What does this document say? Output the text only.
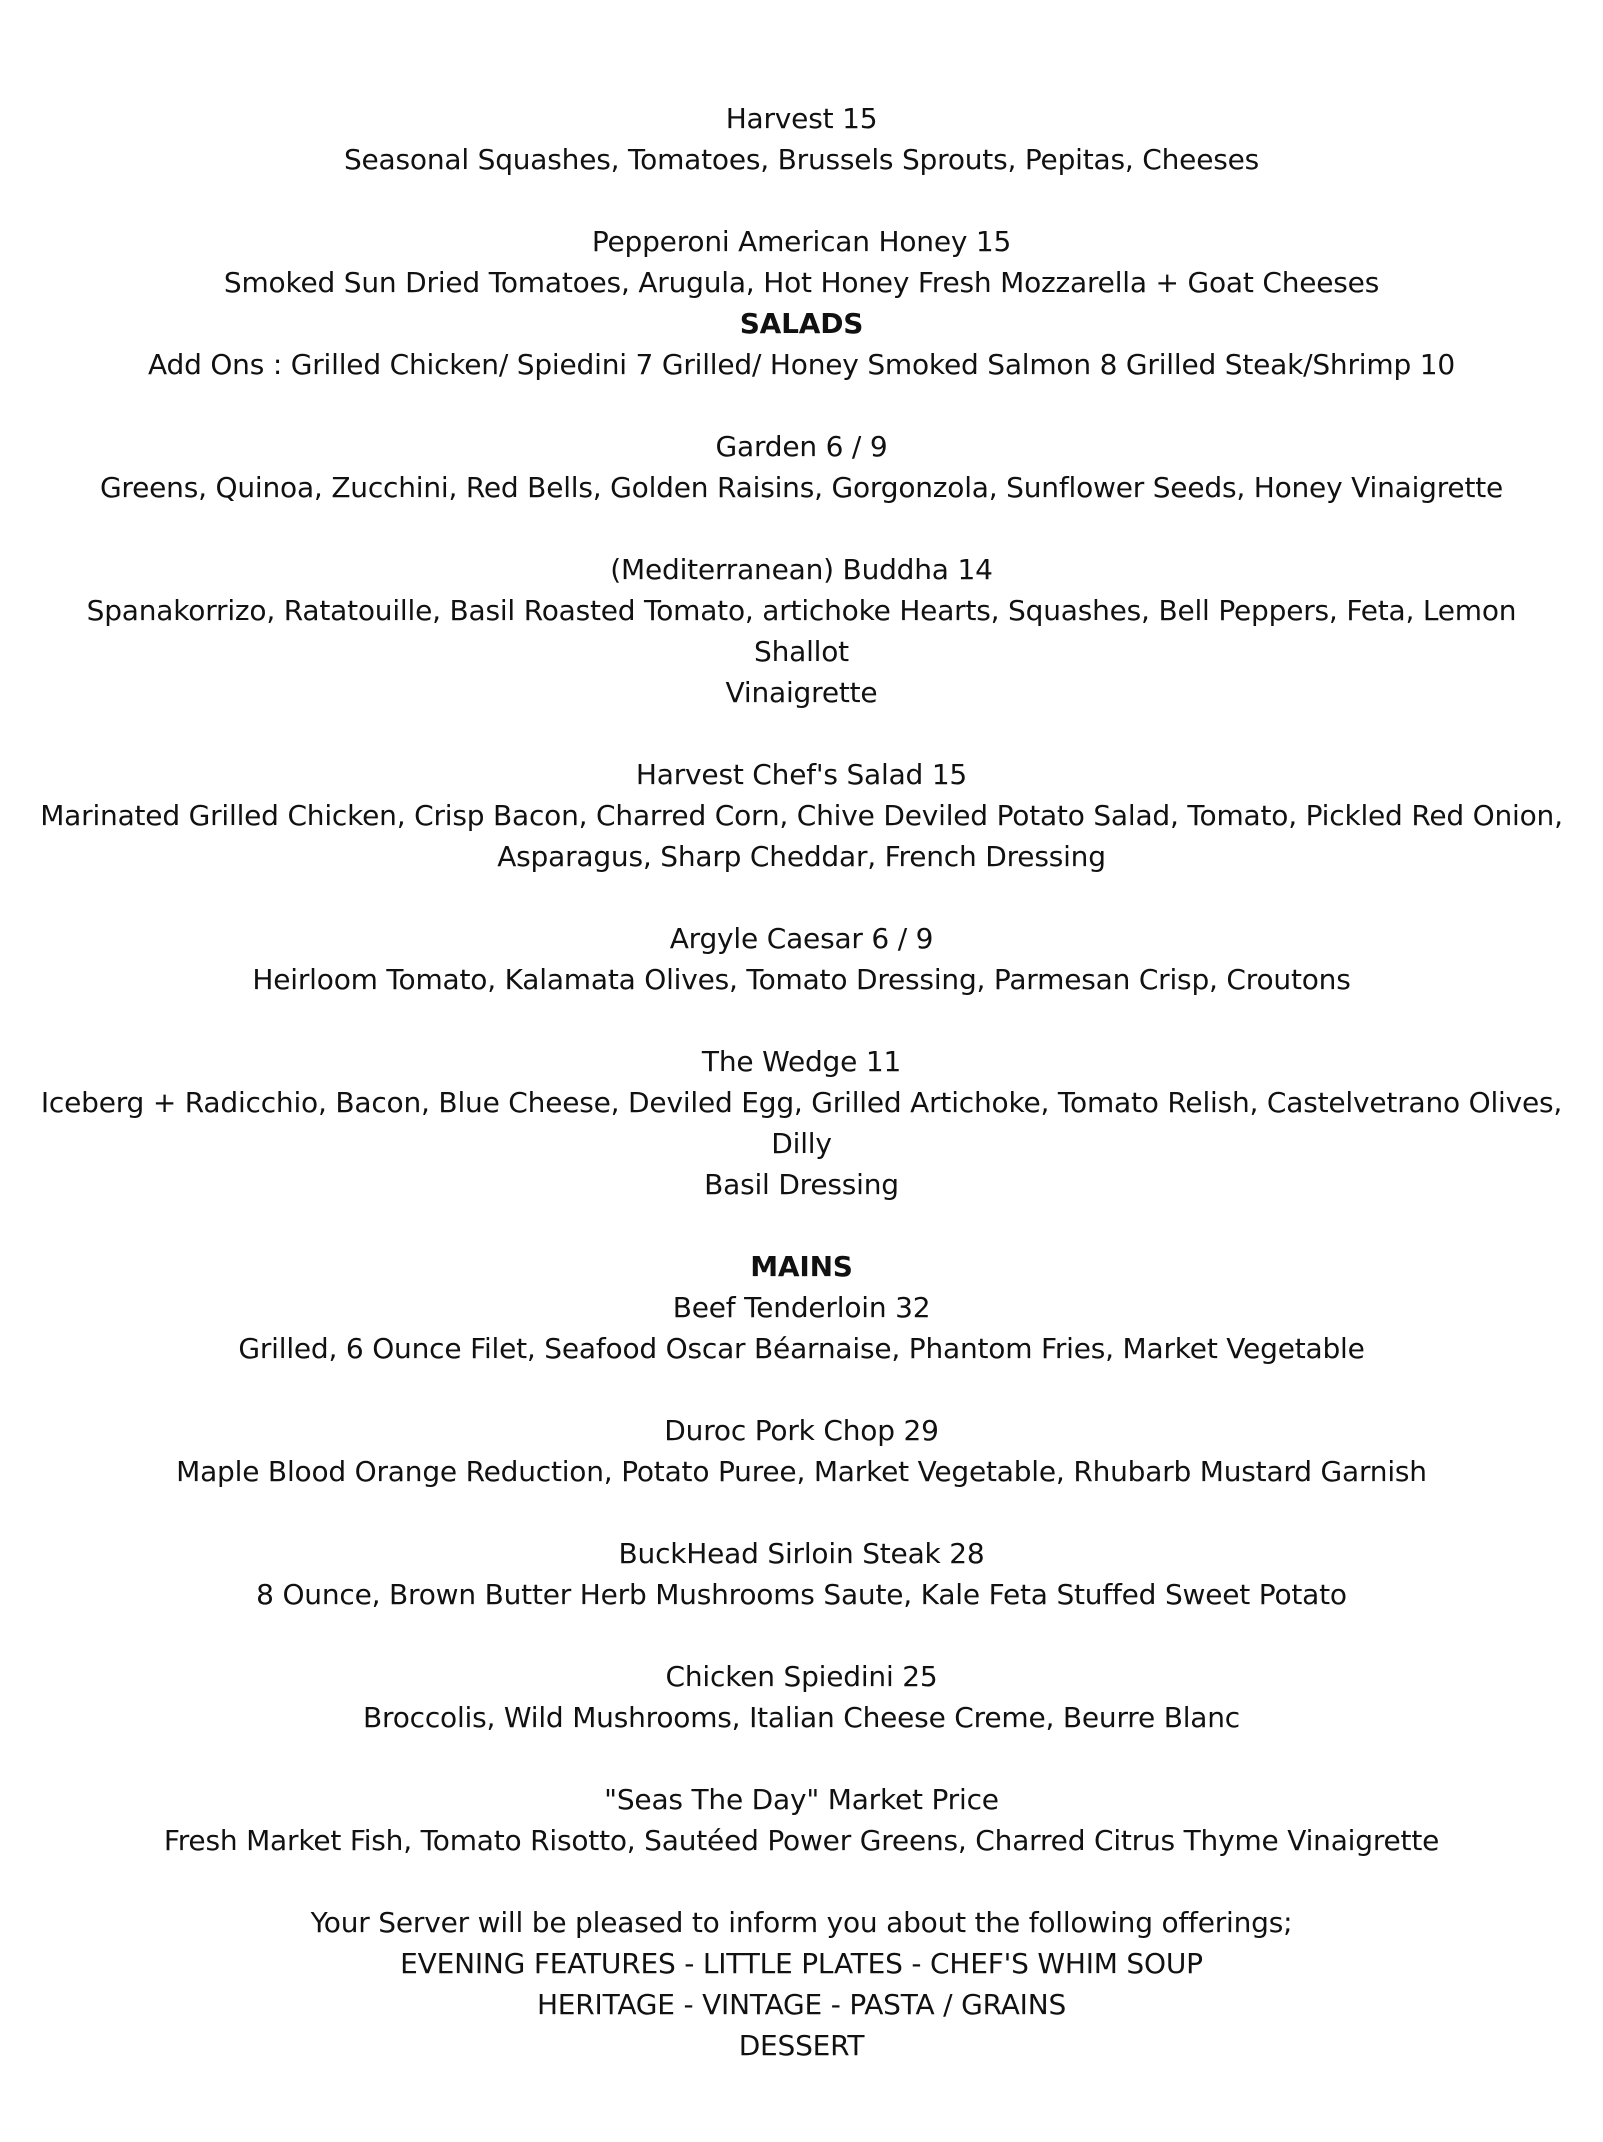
Harvest 15

Seasonal Squashes, Tomatoes, Brussels Sprouts, Pepitas, Cheeses

Pepperoni American Honey 15

Smoked Sun Dried Tomatoes, Arugula, Hot Honey Fresh Mozzarella + Goat Cheeses

SALADS

Add Ons : Grilled Chicken/ Spiedini 7 Grilled/ Honey Smoked Salmon 8 Grilled Steak/Shrimp 10

Garden 6 / 9

Greens, Quinoa, Zucchini, Red Bells, Golden Raisins, Gorgonzola, Sunflower Seeds, Honey Vinaigrette

(Mediterranean) Buddha 14

Spanakorrizo, Ratatouille, Basil Roasted Tomato, artichoke Hearts, Squashes, Bell Peppers, Feta, Lemon Shallot

Vinaigrette

Harvest Chef's Salad 15

Marinated Grilled Chicken, Crisp Bacon, Charred Corn, Chive Deviled Potato Salad, Tomato, Pickled Red Onion,

Asparagus, Sharp Cheddar, French Dressing

Argyle Caesar 6 / 9

Heirloom Tomato, Kalamata Olives, Tomato Dressing, Parmesan Crisp, Croutons

The Wedge 11

Iceberg + Radicchio, Bacon, Blue Cheese, Deviled Egg, Grilled Artichoke, Tomato Relish, Castelvetrano Olives,

Dilly

Basil Dressing

MAINS

Beef Tenderloin 32

Grilled, 6 Ounce Filet, Seafood Oscar Béarnaise, Phantom Fries, Market Vegetable

Duroc Pork Chop 29

Maple Blood Orange Reduction, Potato Puree, Market Vegetable, Rhubarb Mustard Garnish

BuckHead Sirloin Steak 28

8 Ounce, Brown Butter Herb Mushrooms Saute, Kale Feta Stuffed Sweet Potato

Chicken Spiedini 25

Broccolis, Wild Mushrooms, Italian Cheese Creme, Beurre Blanc

"Seas The Day" Market Price

Fresh Market Fish, Tomato Risotto, Sautéed Power Greens, Charred Citrus Thyme Vinaigrette

Your Server will be pleased to inform you about the following offerings;

EVENING FEATURES - LITTLE PLATES - CHEF'S WHIM SOUP

HERITAGE - VINTAGE - PASTA / GRAINS

DESSERT
